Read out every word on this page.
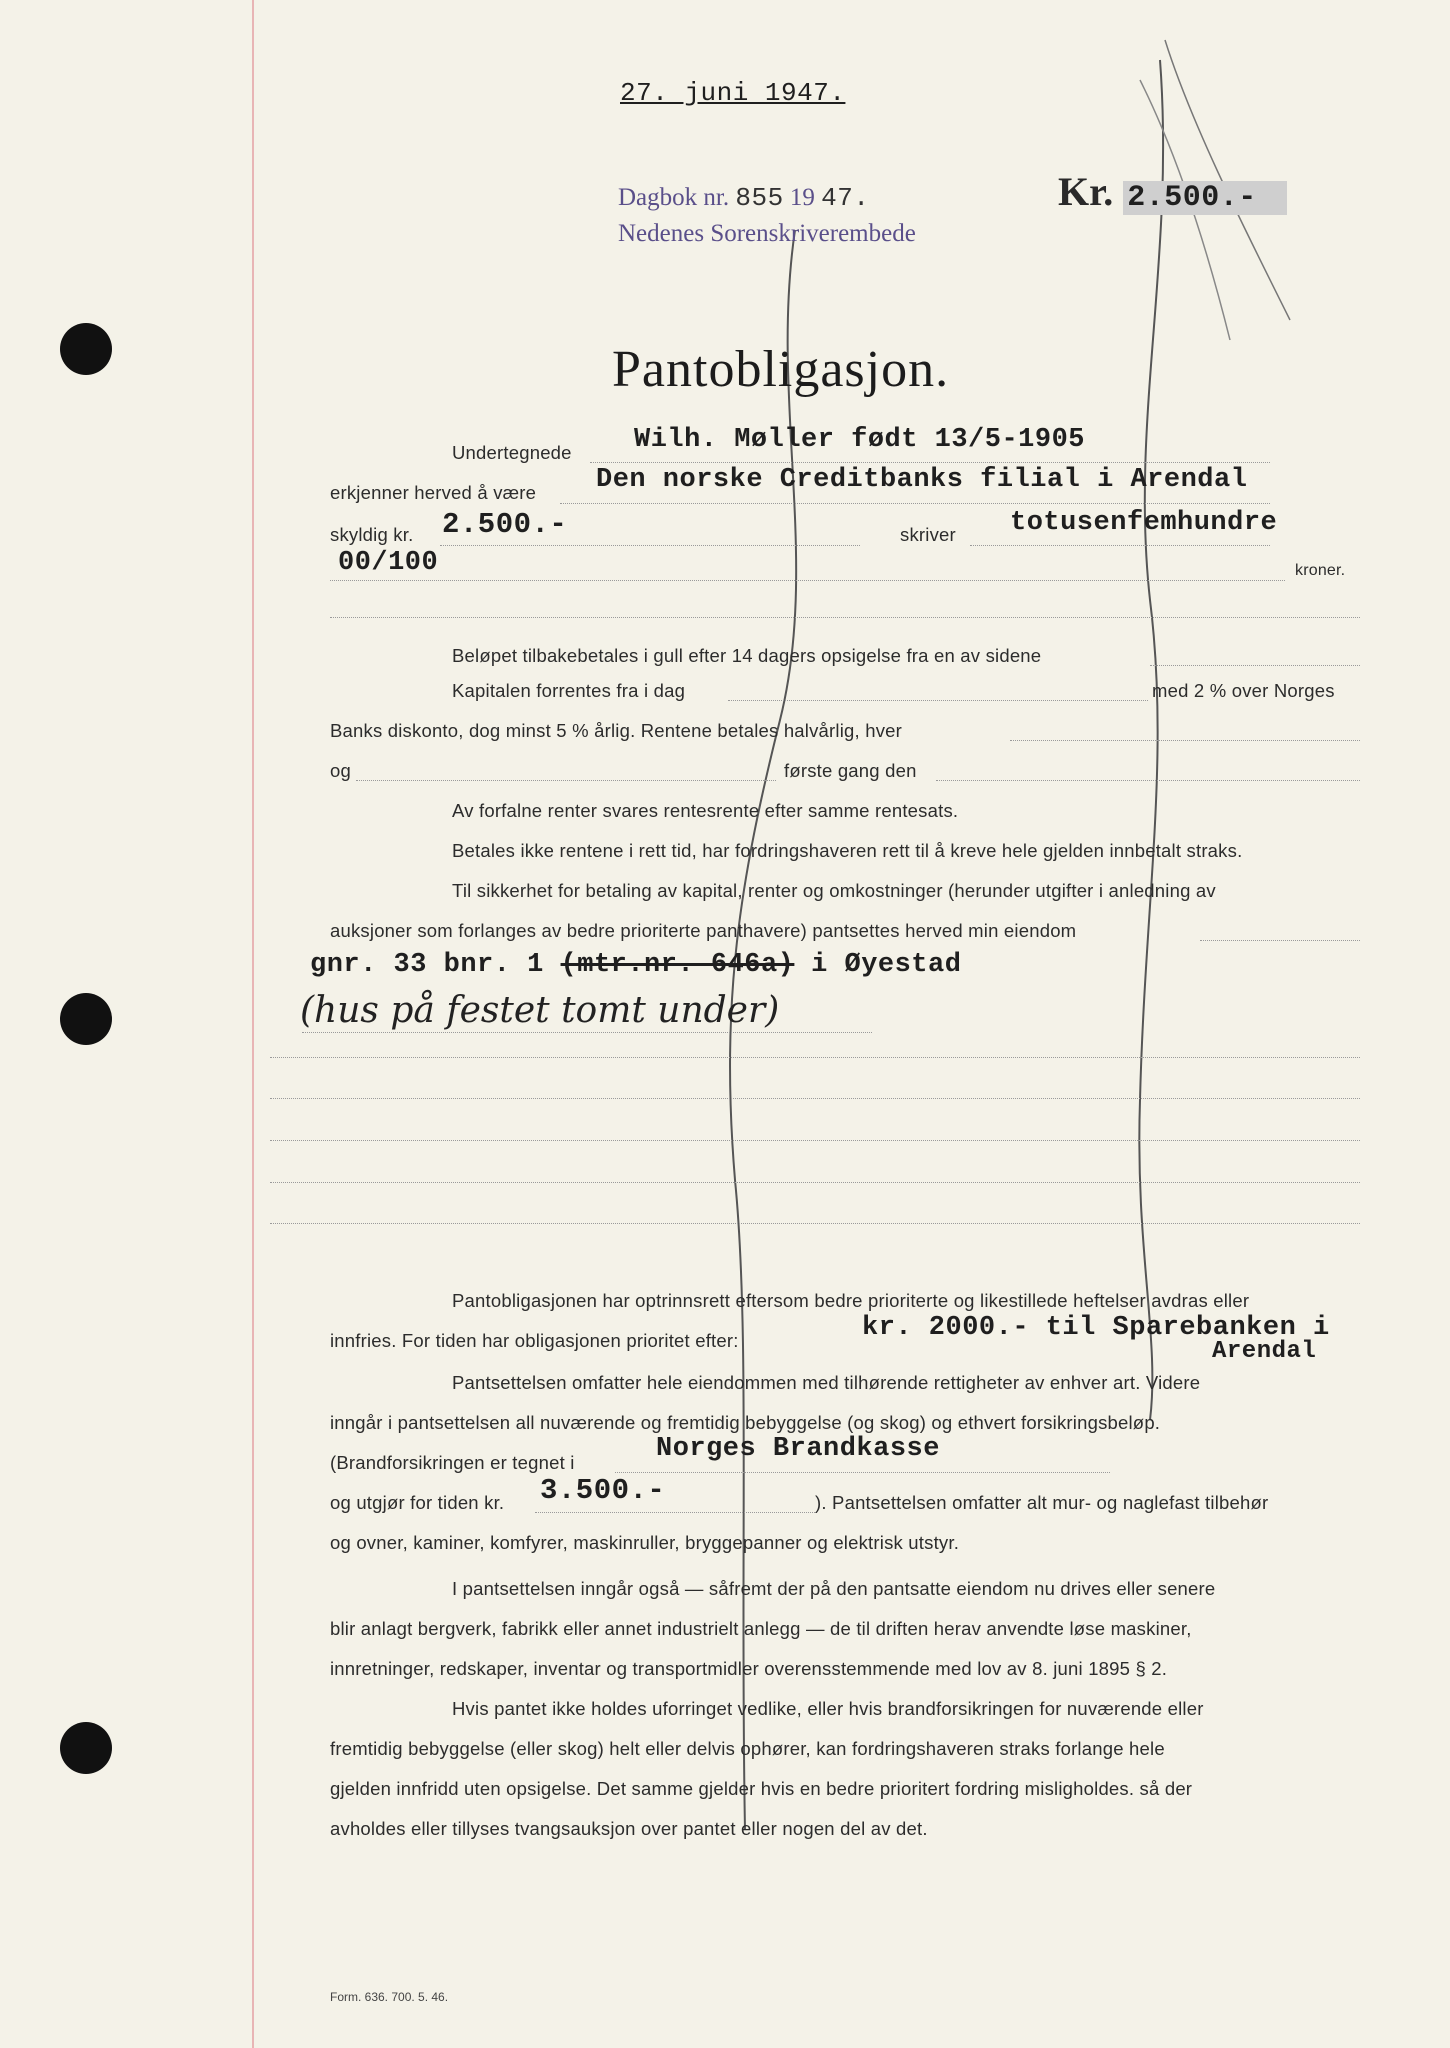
27. juni 1947.
Dagbok nr. 855 19 47.
Nedenes Sorenskriverembede
Kr. 2.500.-
Pantobligasjon.
Undertegnede Wilh. Møller født 13/5-1905
erkjenner herved å være Den norske Creditbanks filial i Arendal
skyldig kr. 2.500.-	skriver totusenfemhundre
00/100	kroner.
Beløpet tilbakebetales i gull efter 14 dagers opsigelse fra en av sidene
Kapitalen forrentes fra i dag	med 2 % over Norges
Banks diskonto, dog minst 5 % årlig. Rentene betales halvårlig, hver
og	første gang den
Av forfalne renter svares rentesrente efter samme rentesats.
Betales ikke rentene i rett tid, har fordringshaveren rett til å kreve hele gjelden innbetalt straks.
Til sikkerhet for betaling av kapital, renter og omkostninger (herunder utgifter i anledning av
auksjoner som forlanges av bedre prioriterte panthavere) pantsettes herved min eiendom
gnr. 33 bnr. 1 (mtr.nr. 646a) i Øyestad
(hus på festet tomt under)
Pantobligasjonen har optrinnsrett eftersom bedre prioriterte og likestillede heftelser avdras eller
innfries. For tiden har obligasjonen prioritet efter:	kr. 2000.- til Sparebanken i
Arendal
Pantsettelsen omfatter hele eiendommen med tilhørende rettigheter av enhver art. Videre
inngår i pantsettelsen all nuværende og fremtidig bebyggelse (og skog) og ethvert forsikringsbeløp.
(Brandforsikringen er tegnet i	Norges Brandkasse
og utgjør for tiden kr. 3.500.-	). Pantsettelsen omfatter alt mur- og naglefast tilbehør
og ovner, kaminer, komfyrer, maskinruller, bryggepanner og elektrisk utstyr.
I pantsettelsen inngår også — såfremt der på den pantsatte eiendom nu drives eller senere
blir anlagt bergverk, fabrikk eller annet industrielt anlegg — de til driften herav anvendte løse maskiner,
innretninger, redskaper, inventar og transportmidler overensstemmende med lov av 8. juni 1895 § 2.
Hvis pantet ikke holdes uforringet vedlike, eller hvis brandforsikringen for nuværende eller
fremtidig bebyggelse (eller skog) helt eller delvis ophører, kan fordringshaveren straks forlange hele
gjelden innfridd uten opsigelse. Det samme gjelder hvis en bedre prioritert fordring misligholdes. så der
avholdes eller tillyses tvangsauksjon over pantet eller nogen del av det.
Form. 636. 700. 5. 46.
